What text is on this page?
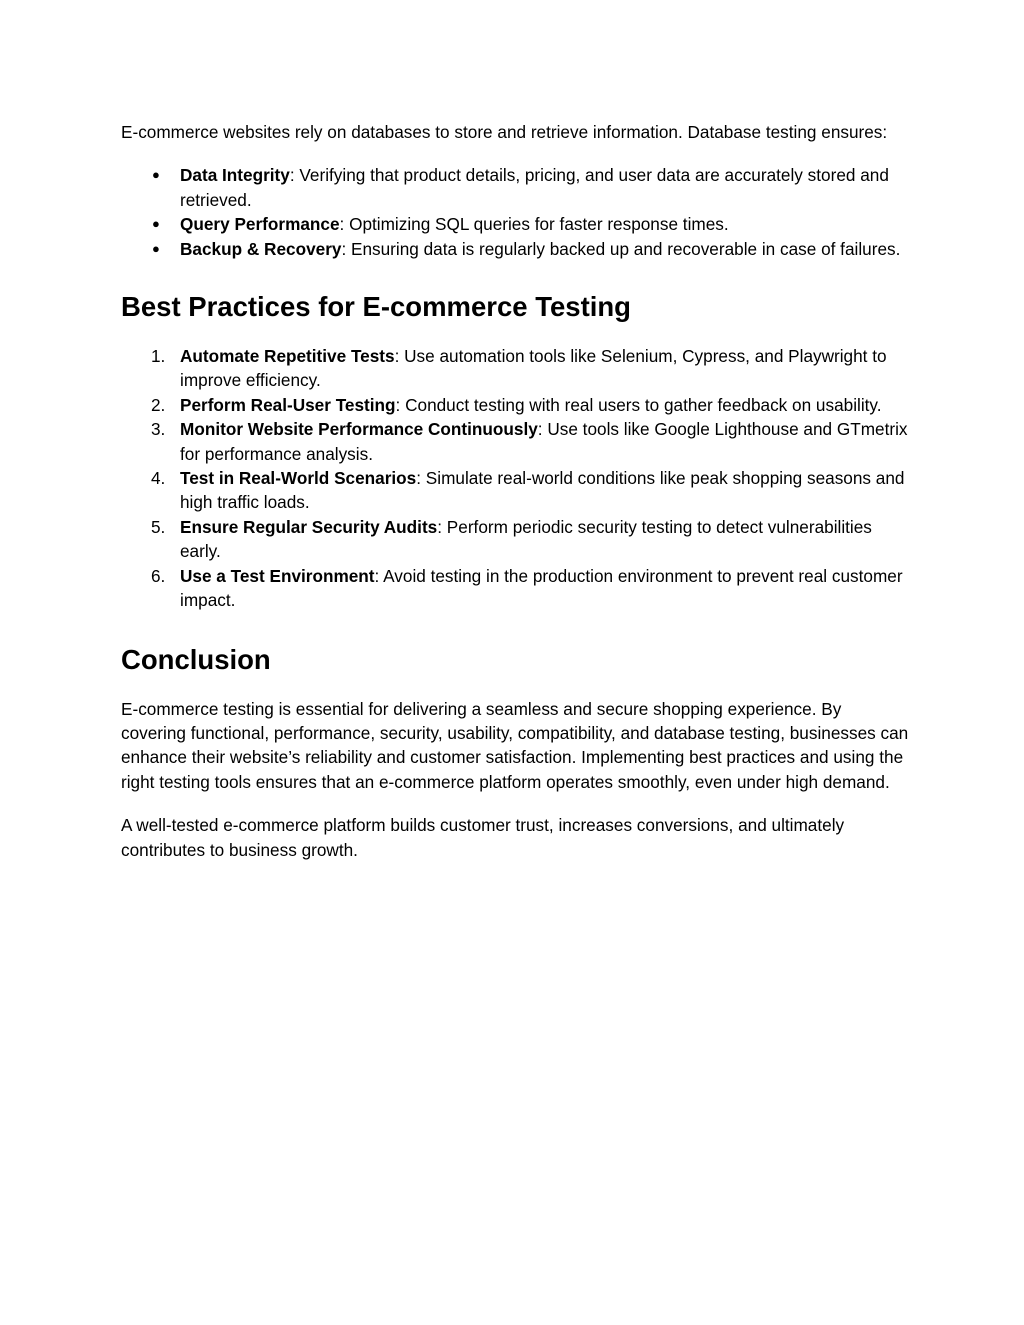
E-commerce websites rely on databases to store and retrieve information. Database testing ensures:

● Data Integrity: Verifying that product details, pricing, and user data are accurately stored and retrieved.
● Query Performance: Optimizing SQL queries for faster response times.
● Backup & Recovery: Ensuring data is regularly backed up and recoverable in case of failures.
Best Practices for E-commerce Testing
1. Automate Repetitive Tests: Use automation tools like Selenium, Cypress, and Playwright to improve efficiency.
2. Perform Real-User Testing: Conduct testing with real users to gather feedback on usability.
3. Monitor Website Performance Continuously: Use tools like Google Lighthouse and GTmetrix for performance analysis.
4. Test in Real-World Scenarios: Simulate real-world conditions like peak shopping seasons and high traffic loads.
5. Ensure Regular Security Audits: Perform periodic security testing to detect vulnerabilities early.
6. Use a Test Environment: Avoid testing in the production environment to prevent real customer impact.
Conclusion

E-commerce testing is essential for delivering a seamless and secure shopping experience. By covering functional, performance, security, usability, compatibility, and database testing, businesses can enhance their website’s reliability and customer satisfaction. Implementing best practices and using the right testing tools ensures that an e-commerce platform operates smoothly, even under high demand.

A well-tested e-commerce platform builds customer trust, increases conversions, and ultimately contributes to business growth.
